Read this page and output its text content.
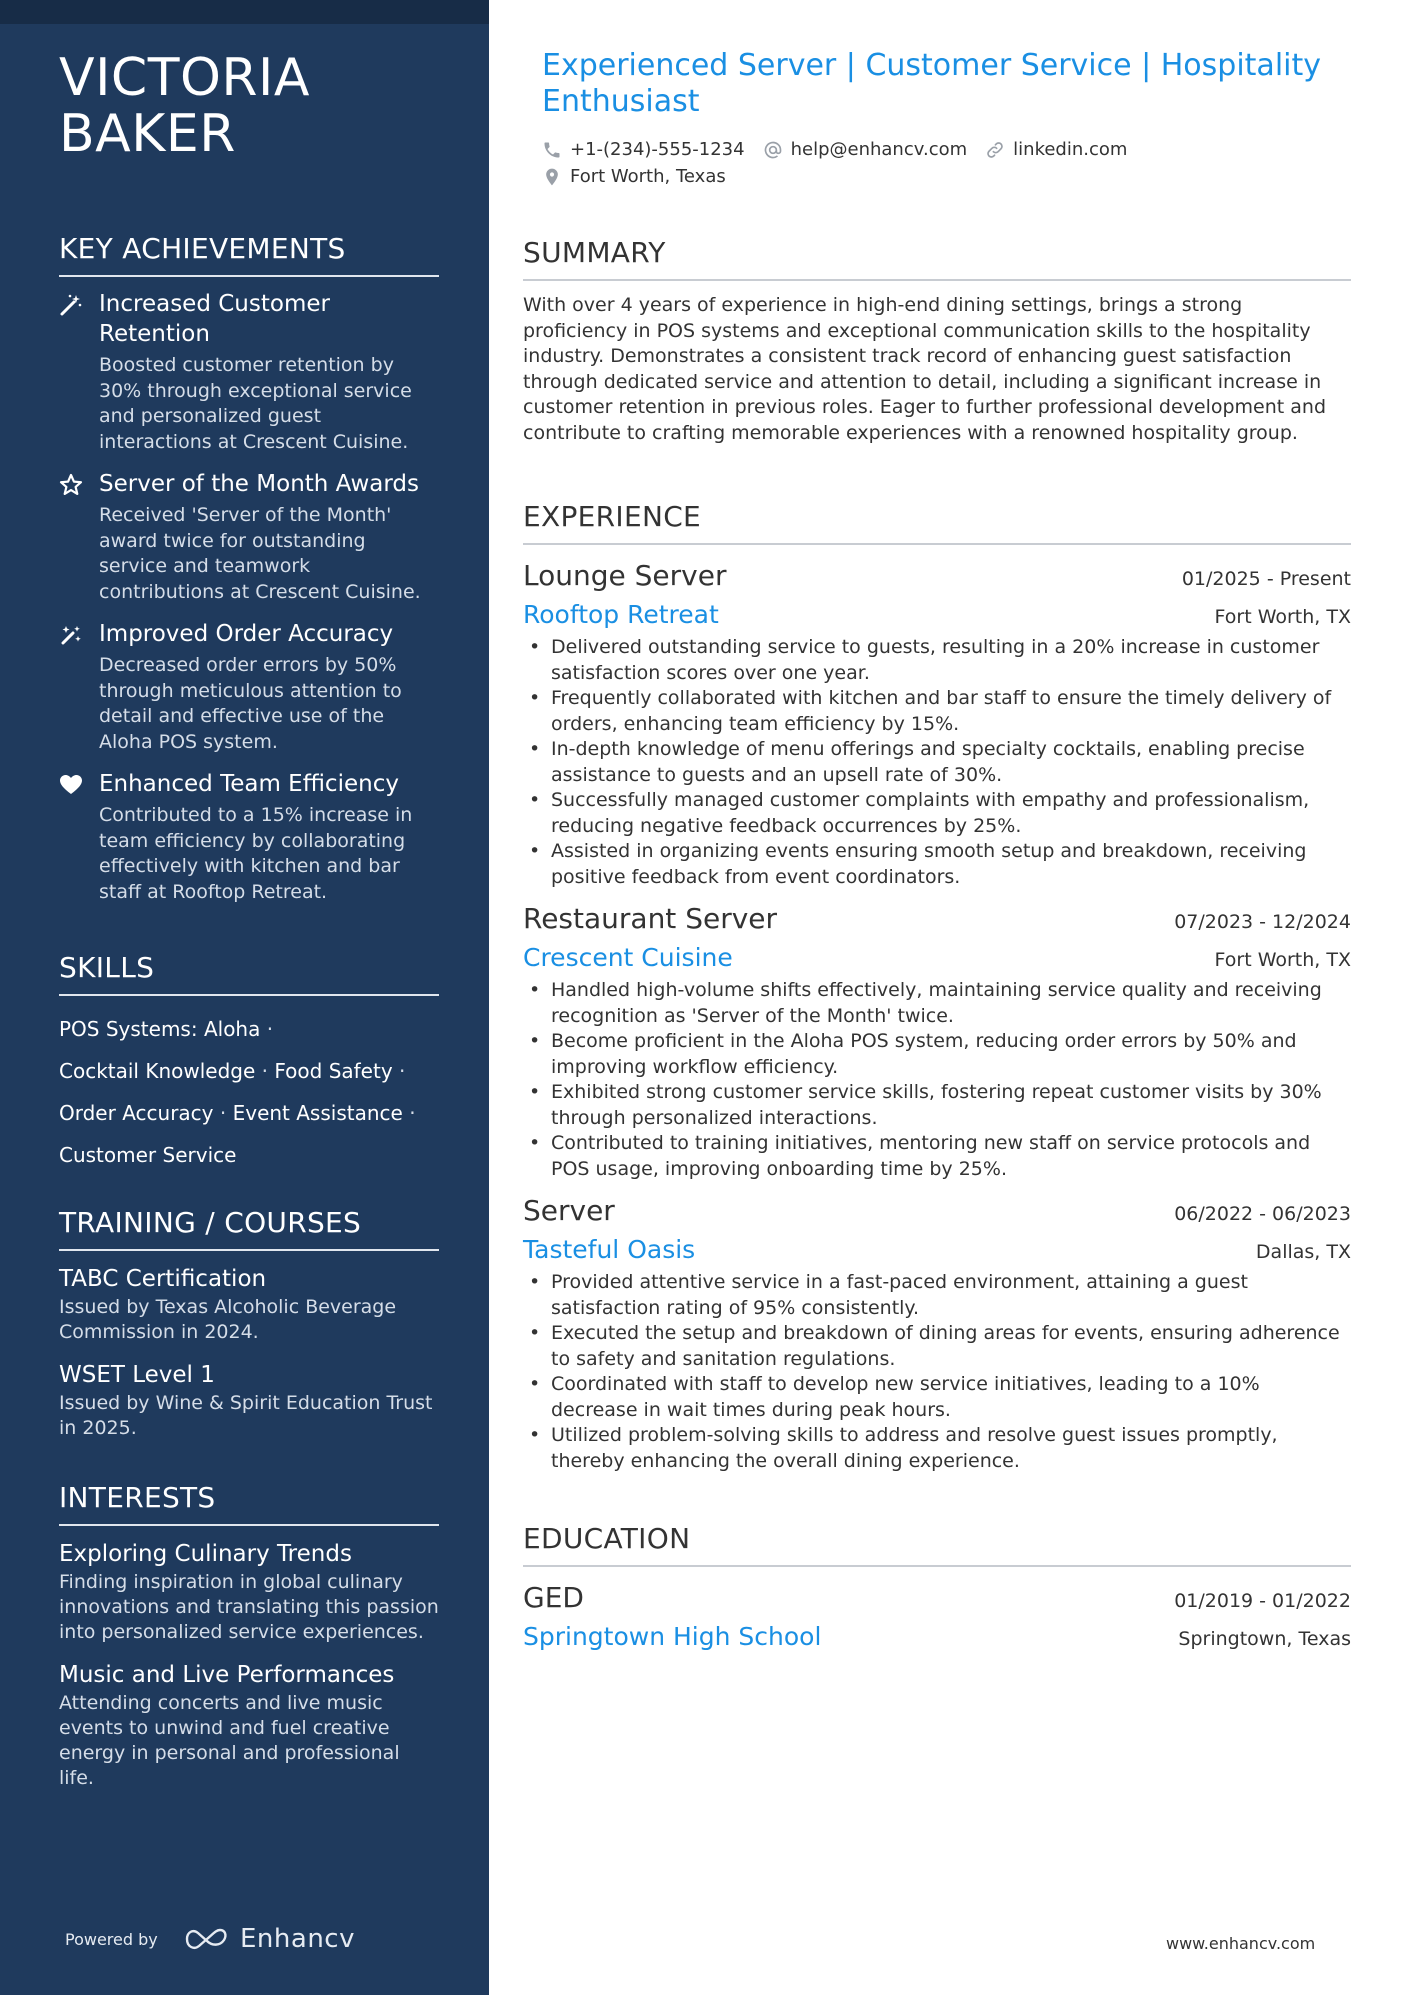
VICTORIA
BAKER
KEY ACHIEVEMENTS
Increased Customer Retention
Boosted customer retention by 30% through exceptional service and personalized guest interactions at Crescent Cuisine.
Server of the Month Awards
Received 'Server of the Month' award twice for outstanding service and teamwork contributions at Crescent Cuisine.
Improved Order Accuracy
Decreased order errors by 50% through meticulous attention to detail and effective use of the Aloha POS system.
Enhanced Team Efficiency
Contributed to a 15% increase in team efficiency by collaborating effectively with kitchen and bar staff at Rooftop Retreat.
SKILLS
POS Systems: Aloha ·
Cocktail Knowledge · Food Safety ·
Order Accuracy · Event Assistance ·
Customer Service
TRAINING / COURSES
TABC Certification
Issued by Texas Alcoholic Beverage Commission in 2024.
WSET Level 1
Issued by Wine & Spirit Education Trust in 2025.
INTERESTS
Exploring Culinary Trends
Finding inspiration in global culinary innovations and translating this passion into personalized service experiences.
Music and Live Performances
Attending concerts and live music events to unwind and fuel creative energy in personal and professional life.
Powered by	Enhancv
Experienced Server | Customer Service | Hospitality Enthusiast
+1-(234)-555-1234	help@enhancv.com	linkedin.com
Fort Worth, Texas
SUMMARY
With over 4 years of experience in high-end dining settings, brings a strong proficiency in POS systems and exceptional communication skills to the hospitality industry. Demonstrates a consistent track record of enhancing guest satisfaction through dedicated service and attention to detail, including a significant increase in customer retention in previous roles. Eager to further professional development and contribute to crafting memorable experiences with a renowned hospitality group.
EXPERIENCE
Lounge Server	01/2025 - Present
Rooftop Retreat	Fort Worth, TX
• Delivered outstanding service to guests, resulting in a 20% increase in customer satisfaction scores over one year.
• Frequently collaborated with kitchen and bar staff to ensure the timely delivery of orders, enhancing team efficiency by 15%.
• In-depth knowledge of menu offerings and specialty cocktails, enabling precise assistance to guests and an upsell rate of 30%.
• Successfully managed customer complaints with empathy and professionalism, reducing negative feedback occurrences by 25%.
• Assisted in organizing events ensuring smooth setup and breakdown, receiving positive feedback from event coordinators.
Restaurant Server	07/2023 - 12/2024
Crescent Cuisine	Fort Worth, TX
• Handled high-volume shifts effectively, maintaining service quality and receiving recognition as 'Server of the Month' twice.
• Become proficient in the Aloha POS system, reducing order errors by 50% and improving workflow efficiency.
• Exhibited strong customer service skills, fostering repeat customer visits by 30% through personalized interactions.
• Contributed to training initiatives, mentoring new staff on service protocols and POS usage, improving onboarding time by 25%.
Server	06/2022 - 06/2023
Tasteful Oasis	Dallas, TX
• Provided attentive service in a fast-paced environment, attaining a guest satisfaction rating of 95% consistently.
• Executed the setup and breakdown of dining areas for events, ensuring adherence to safety and sanitation regulations.
• Coordinated with staff to develop new service initiatives, leading to a 10% decrease in wait times during peak hours.
• Utilized problem-solving skills to address and resolve guest issues promptly, thereby enhancing the overall dining experience.
EDUCATION
GED	01/2019 - 01/2022
Springtown High School	Springtown, Texas
www.enhancv.com
